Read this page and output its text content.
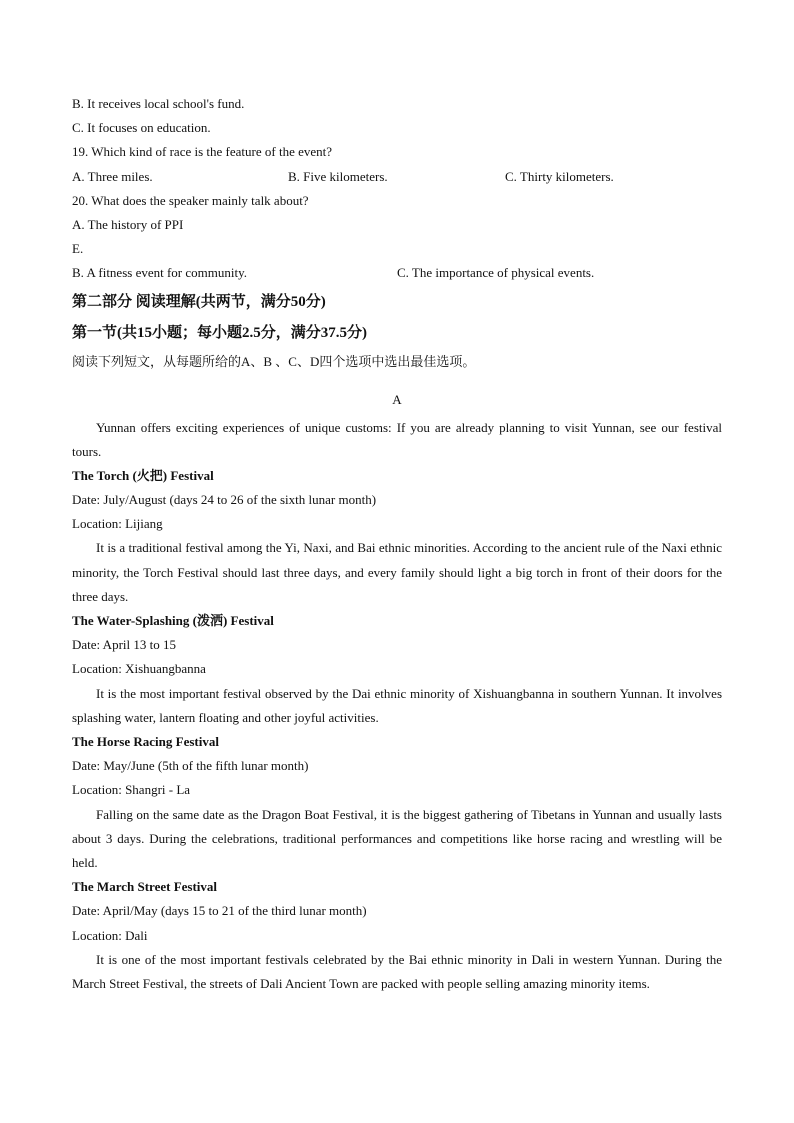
B. It receives local school's fund.
C. It focuses on education.
19. Which kind of race is the feature of the event?
A. Three miles.	B. Five kilometers.	C. Thirty kilometers.
20. What does the speaker mainly talk about?
A. The history of PPI
E.
B. A fitness event for community.	C. The importance of physical events.
第二部分 阅读理解(共两节，满分50分)
第一节(共15小题；每小题2.5分，满分37.5分)
阅读下列短文，从每题所给的A、B 、C、D四个选项中选出最佳选项。
A
Yunnan offers exciting experiences of unique customs: If you are already planning to visit Yunnan, see our festival tours.
The Torch (火把) Festival
Date: July/August (days 24 to 26 of the sixth lunar month)
Location: Lijiang
It is a traditional festival among the Yi, Naxi, and Bai ethnic minorities. According to the ancient rule of the Naxi ethnic minority, the Torch Festival should last three days, and every family should light a big torch in front of their doors for the three days.
The Water-Splashing (泼洒) Festival
Date: April 13 to 15
Location: Xishuangbanna
It is the most important festival observed by the Dai ethnic minority of Xishuangbanna in southern Yunnan. It involves splashing water, lantern floating and other joyful activities.
The Horse Racing Festival
Date: May/June (5th of the fifth lunar month)
Location: Shangri - La
Falling on the same date as the Dragon Boat Festival, it is the biggest gathering of Tibetans in Yunnan and usually lasts about 3 days. During the celebrations, traditional performances and competitions like horse racing and wrestling will be held.
The March Street Festival
Date: April/May (days 15 to 21 of the third lunar month)
Location: Dali
It is one of the most important festivals celebrated by the Bai ethnic minority in Dali in western Yunnan. During the March Street Festival, the streets of Dali Ancient Town are packed with people selling amazing minority items.
